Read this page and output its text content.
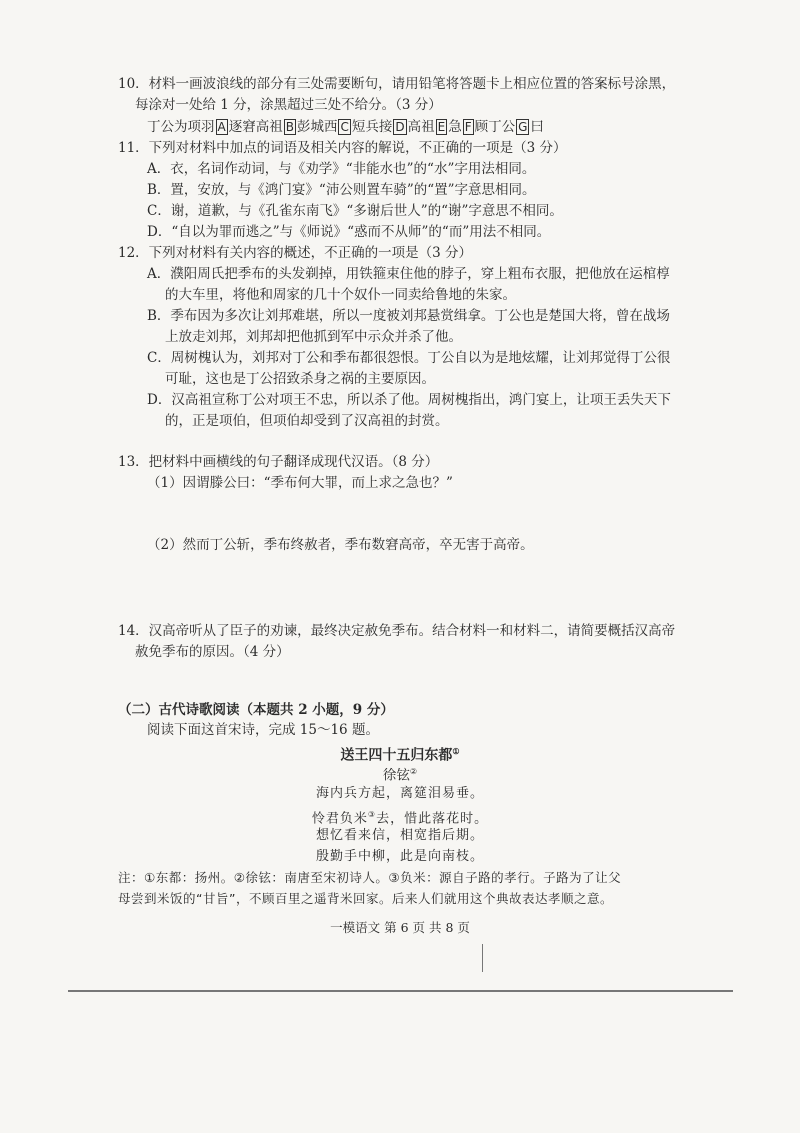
10．材料一画波浪线的部分有三处需要断句，请用铅笔将答题卡上相应位置的答案标号涂黑，
每涂对一处给 1 分，涂黑超过三处不给分。（3 分）
丁公为项羽 A 逐窘高祖 B 彭城西 C 短兵接 D 高祖 E 急 F 顾丁公 G 曰
11．下列对材料中加点的词语及相关内容的解说，不正确的一项是（3 分）
A．衣，名词作动词，与《劝学》“非能水也”的“水”字用法相同。
B．置，安放，与《鸿门宴》“沛公则置车骑”的“置”字意思相同。
C．谢，道歉，与《孔雀东南飞》“多谢后世人”的“谢”字意思不相同。
D．“自以为罪而逃之”与《师说》“惑而不从师”的“而”用法不相同。
12．下列对材料有关内容的概述，不正确的一项是（3 分）
A．濮阳周氏把季布的头发剃掉，用铁箍束住他的脖子，穿上粗布衣服，把他放在运棺椁
的大车里，将他和周家的几十个奴仆一同卖给鲁地的朱家。
B．季布因为多次让刘邦难堪，所以一度被刘邦悬赏缉拿。丁公也是楚国大将，曾在战场
上放走刘邦，刘邦却把他抓到军中示众并杀了他。
C．周树槐认为，刘邦对丁公和季布都很怨恨。丁公自以为是地炫耀，让刘邦觉得丁公很
可耻，这也是丁公招致杀身之祸的主要原因。
D．汉高祖宣称丁公对项王不忠，所以杀了他。周树槐指出，鸿门宴上，让项王丢失天下
的，正是项伯，但项伯却受到了汉高祖的封赏。
13．把材料中画横线的句子翻译成现代汉语。（8 分）
（1）因谓滕公曰：“季布何大罪，而上求之急也？”
（2）然而丁公斩，季布终赦者，季布数窘高帝，卒无害于高帝。
14．汉高帝听从了臣子的劝谏，最终决定赦免季布。结合材料一和材料二，请简要概括汉高帝
赦免季布的原因。（4 分）
（二）古代诗歌阅读（本题共 2 小题，9 分）
阅读下面这首宋诗，完成 15～16 题。
送王四十五归东都①
徐铉②
海内兵方起，离筵泪易垂。
怜君负米③去，惜此落花时。
想忆看来信，相宽指后期。
殷勤手中柳，此是向南枝。
注：①东都：扬州。②徐铉：南唐至宋初诗人。③负米：源自子路的孝行。子路为了让父
母尝到米饭的“甘旨”，不顾百里之遥背米回家。后来人们就用这个典故表达孝顺之意。
一模语文 第 6 页 共 8 页
